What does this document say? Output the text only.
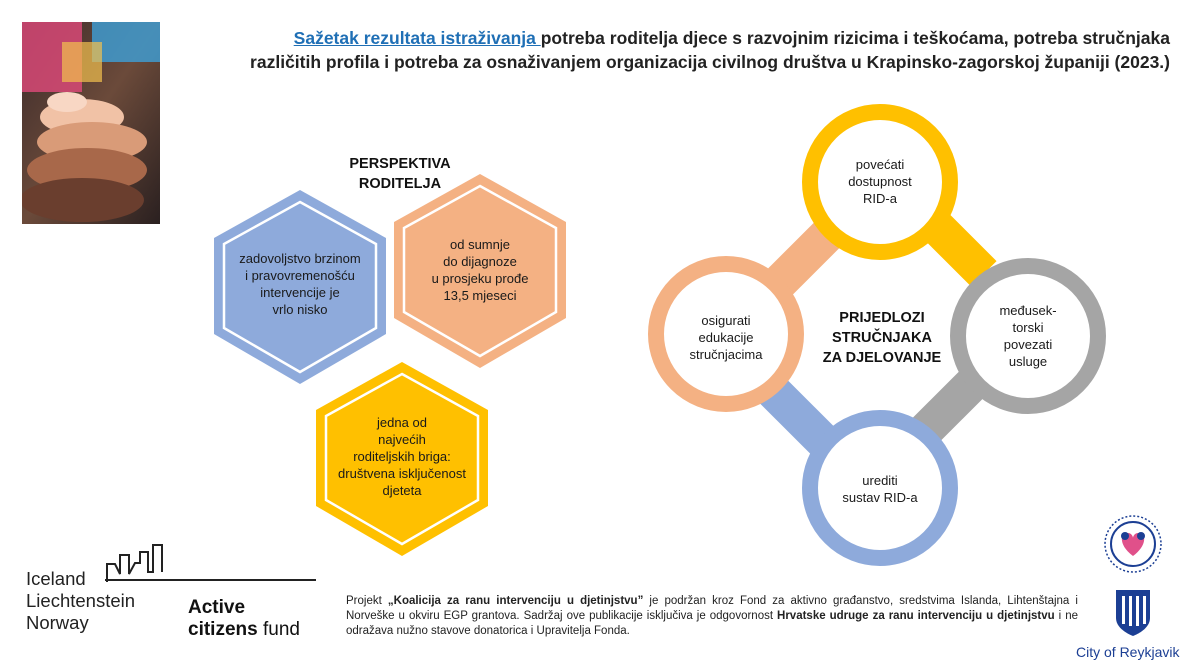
Sažetak rezultata istraživanja potreba roditelja djece s razvojnim rizicima i teškoćama, potreba stručnjaka
različitih profila i potreba za osnaživanjem organizacija civilnog društva u Krapinsko-zagorskoj županiji (2023.)
PERSPEKTIVA
RODITELJA
zadovoljstvo brzinom
i pravovremenošću
intervencije je
vrlo nisko
od sumnje
do dijagnoze
u prosjeku prođe
13,5 mjeseci
jedna od
najvećih
roditeljskih briga:
društvena isključenost
djeteta
PRIJEDLOZI
STRUČNJAKA
ZA DJELOVANJE
povećati
dostupnost
RID-a
međusek-
torski
povezati
usluge
urediti
sustav RID-a
osigurati
edukacije
stručnjacima
Iceland
Liechtenstein
Norway
Active
citizens fund
Projekt „Koalicija za ranu intervenciju u djetinjstvu” je podržan kroz Fond za aktivno građanstvo, sredstvima Islanda, Lihtenštajna i Norveške u okviru EGP grantova. Sadržaj ove publikacije isključiva je odgovornost Hrvatske udruge za ranu intervenciju u djetinjstvu i ne odražava nužno stavove donatorica i Upravitelja Fonda.
City of Reykjavik
